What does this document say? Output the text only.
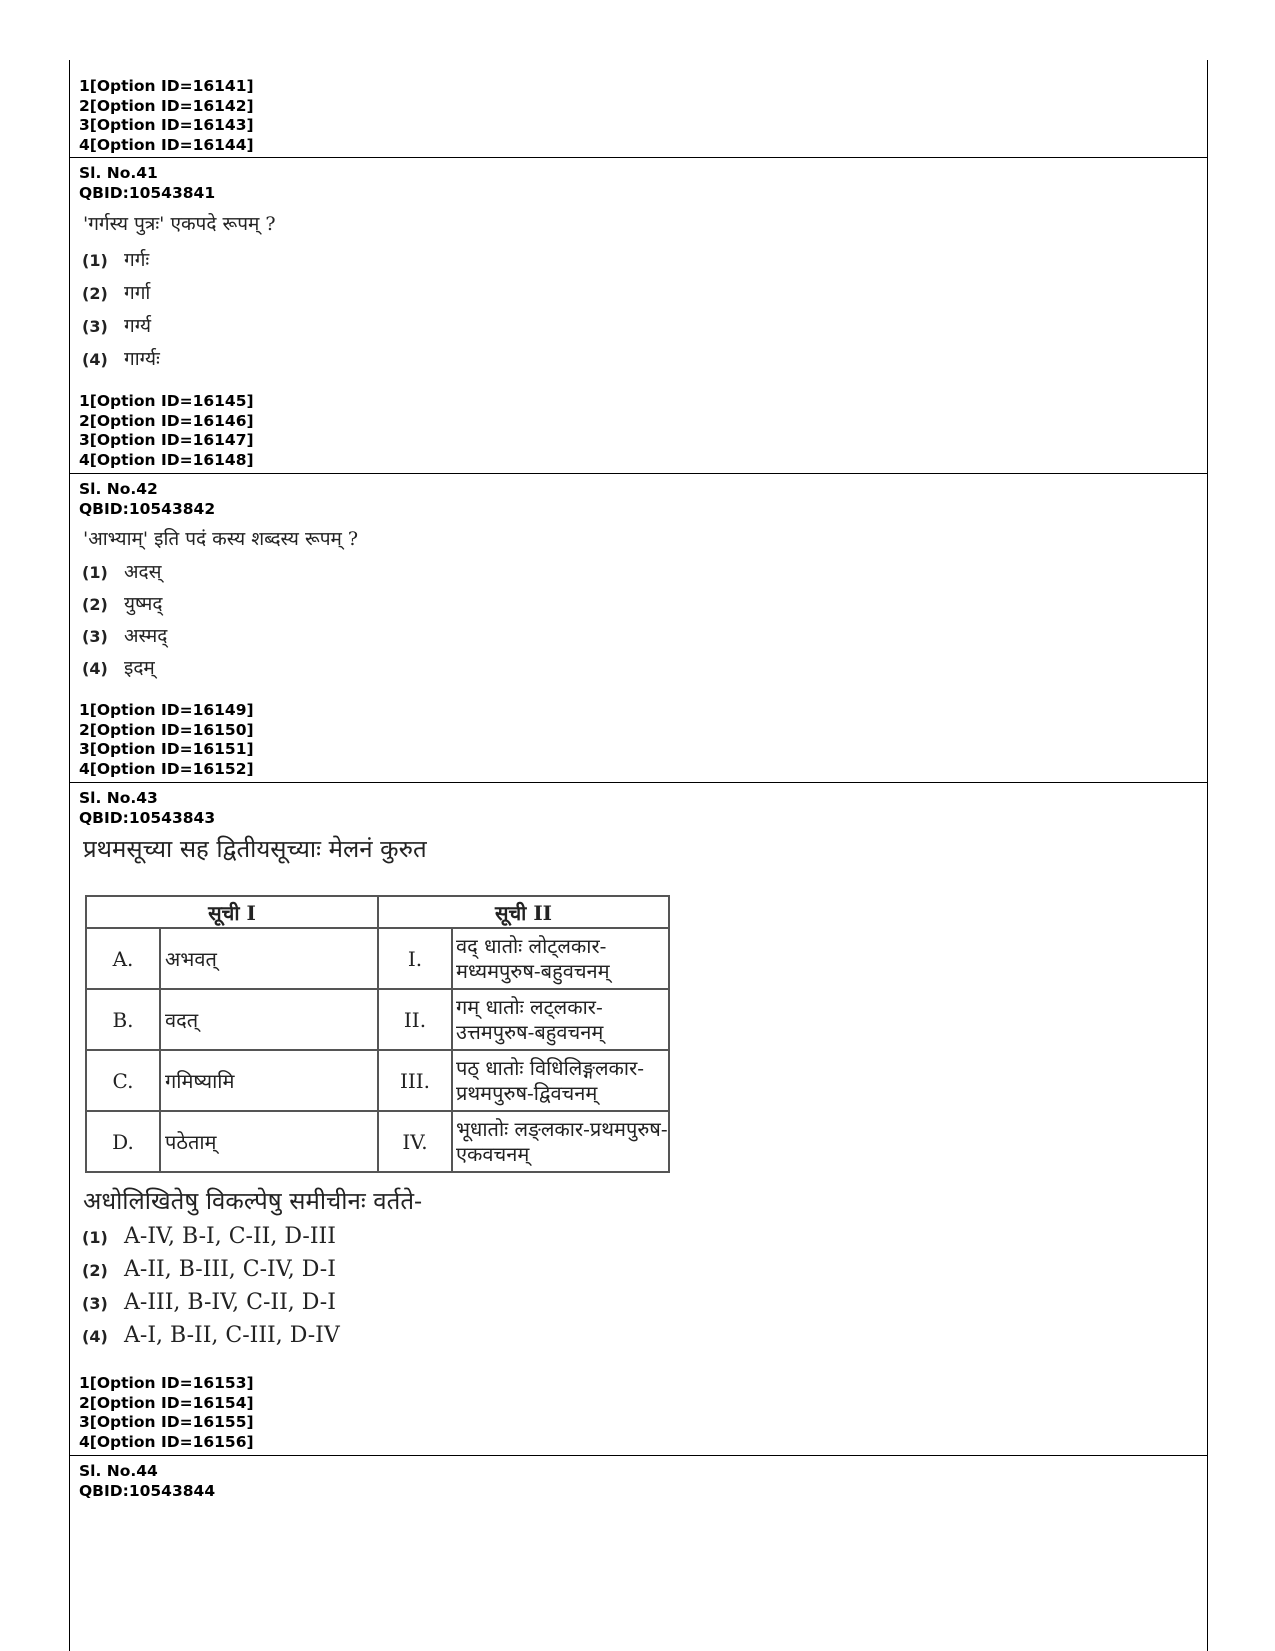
1[Option ID=16141]
2[Option ID=16142]
3[Option ID=16143]
4[Option ID=16144]
Sl. No.41
QBID:10543841
'गर्गस्य पुत्रः' एकपदे रूपम् ?
(1) गर्गः
(2) गर्गा
(3) गर्ग्य
(4) गार्ग्यः
1[Option ID=16145]
2[Option ID=16146]
3[Option ID=16147]
4[Option ID=16148]
Sl. No.42
QBID:10543842
'आभ्याम्' इति पदं कस्य शब्दस्य रूपम् ?
(1) अदस्
(2) युष्मद्
(3) अस्मद्
(4) इदम्
1[Option ID=16149]
2[Option ID=16150]
3[Option ID=16151]
4[Option ID=16152]
Sl. No.43
QBID:10543843
प्रथमसूच्या सह द्वितीयसूच्याः मेलनं कुरुत
सूची I		सूची II	
A.	अभवत्	I.	वद् धातोः लोट्लकार-मध्यमपुरुष-बहुवचनम्
B.	वदत्	II.	गम् धातोः लट्लकार-उत्तमपुरुष-बहुवचनम्
C.	गमिष्यामि	III.	पठ् धातोः विधिलिङ्गलकार-प्रथमपुरुष-द्विवचनम्
D.	पठेताम्	IV.	भूधातोः लङ्लकार-प्रथमपुरुष-एकवचनम्
अधोलिखितेषु विकल्पेषु समीचीनः वर्तते-
(1) A-IV, B-I, C-II, D-III
(2) A-II, B-III, C-IV, D-I
(3) A-III, B-IV, C-II, D-I
(4) A-I, B-II, C-III, D-IV
1[Option ID=16153]
2[Option ID=16154]
3[Option ID=16155]
4[Option ID=16156]
Sl. No.44
QBID:10543844
